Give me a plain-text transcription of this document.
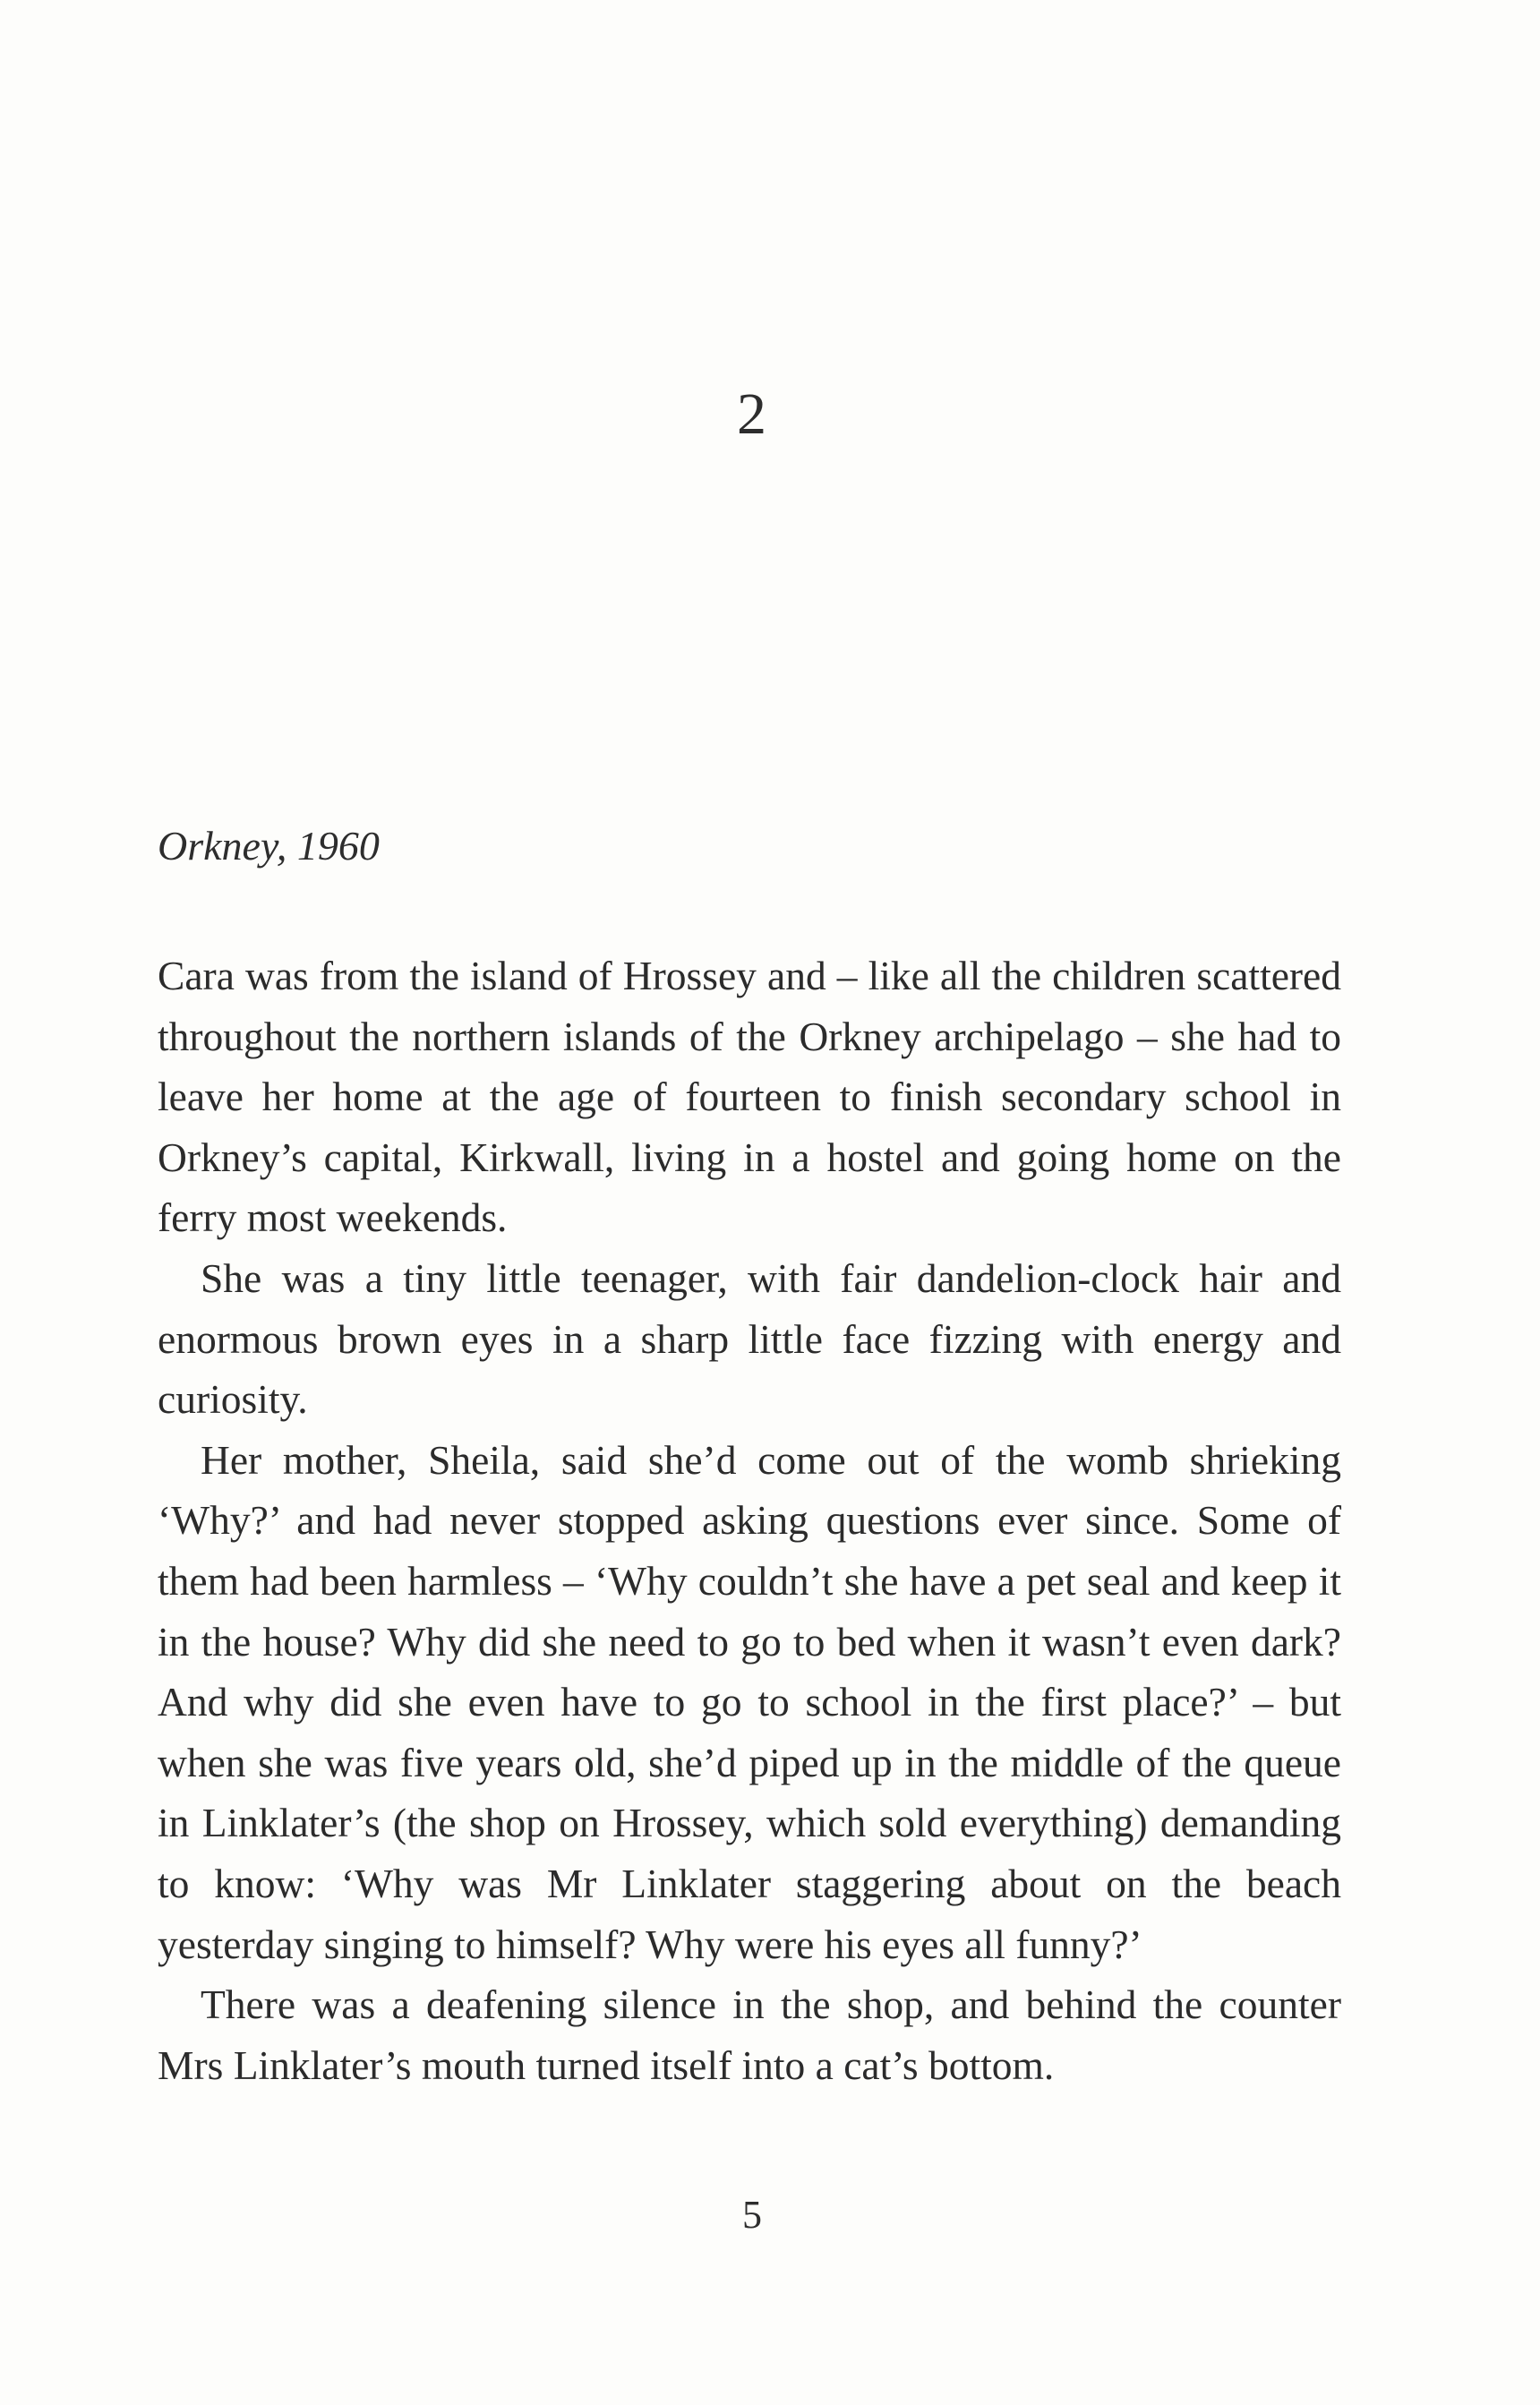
2
Orkney, 1960

Cara was from the island of Hrossey and – like all the children scattered throughout the northern islands of the Orkney archipelago – she had to leave her home at the age of fourteen to finish secondary school in Orkney’s capital, Kirkwall, living in a hostel and going home on the ferry most weekends.

She was a tiny little teenager, with fair dandelion-clock hair and enormous brown eyes in a sharp little face fizzing with energy and curiosity.

Her mother, Sheila, said she’d come out of the womb shrieking ‘Why?’ and had never stopped asking questions ever since. Some of them had been harmless – ‘Why couldn’t she have a pet seal and keep it in the house? Why did she need to go to bed when it wasn’t even dark? And why did she even have to go to school in the first place?’ – but when she was five years old, she’d piped up in the middle of the queue in Linklater’s (the shop on Hrossey, which sold everything) demanding to know: ‘Why was Mr Linklater staggering about on the beach yesterday singing to himself? Why were his eyes all funny?’

There was a deafening silence in the shop, and behind the counter Mrs Linklater’s mouth turned itself into a cat’s bottom.

5
